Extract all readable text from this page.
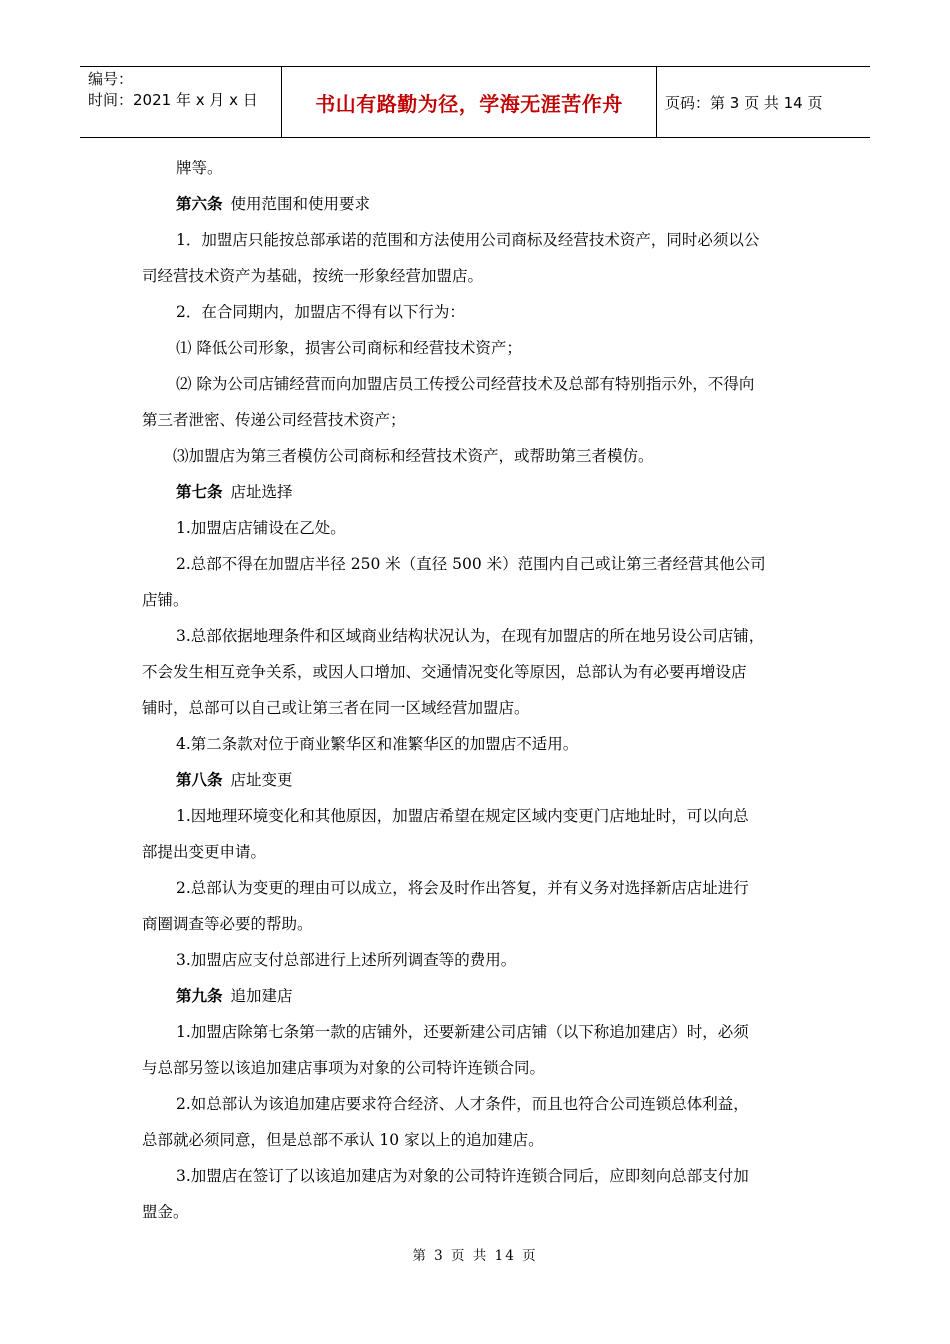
编号：
时间：2021 年 x 月 x 日	书山有路勤为径，学海无涯苦作舟	页码：第 3 页 共 14 页

牌等。

第六条 使用范围和使用要求

1．加盟店只能按总部承诺的范围和方法使用公司商标及经营技术资产，同时必须以公

司经营技术资产为基础，按统一形象经营加盟店。

2．在合同期内，加盟店不得有以下行为：

⑴ 降低公司形象，损害公司商标和经营技术资产；

⑵ 除为公司店铺经营而向加盟店员工传授公司经营技术及总部有特别指示外，不得向

第三者泄密、传递公司经营技术资产；

⑶加盟店为第三者模仿公司商标和经营技术资产，或帮助第三者模仿。

第七条 店址选择

1.加盟店店铺设在乙处。

2.总部不得在加盟店半径 250 米（直径 500 米）范围内自己或让第三者经营其他公司

店铺。

3.总部依据地理条件和区域商业结构状况认为，在现有加盟店的所在地另设公司店铺，

不会发生相互竞争关系，或因人口增加、交通情况变化等原因，总部认为有必要再增设店

铺时，总部可以自己或让第三者在同一区域经营加盟店。

4.第二条款对位于商业繁华区和准繁华区的加盟店不适用。

第八条 店址变更

1.因地理环境变化和其他原因，加盟店希望在规定区域内变更门店地址时，可以向总

部提出变更申请。

2.总部认为变更的理由可以成立，将会及时作出答复，并有义务对选择新店店址进行

商圈调查等必要的帮助。

3.加盟店应支付总部进行上述所列调查等的费用。

第九条 追加建店

1.加盟店除第七条第一款的店铺外，还要新建公司店铺（以下称追加建店）时，必须

与总部另签以该追加建店事项为对象的公司特许连锁合同。

2.如总部认为该追加建店要求符合经济、人才条件，而且也符合公司连锁总体利益，

总部就必须同意，但是总部不承认 10 家以上的追加建店。

3.加盟店在签订了以该追加建店为对象的公司特许连锁合同后，应即刻向总部支付加

盟金。

第 3 页 共 14 页
